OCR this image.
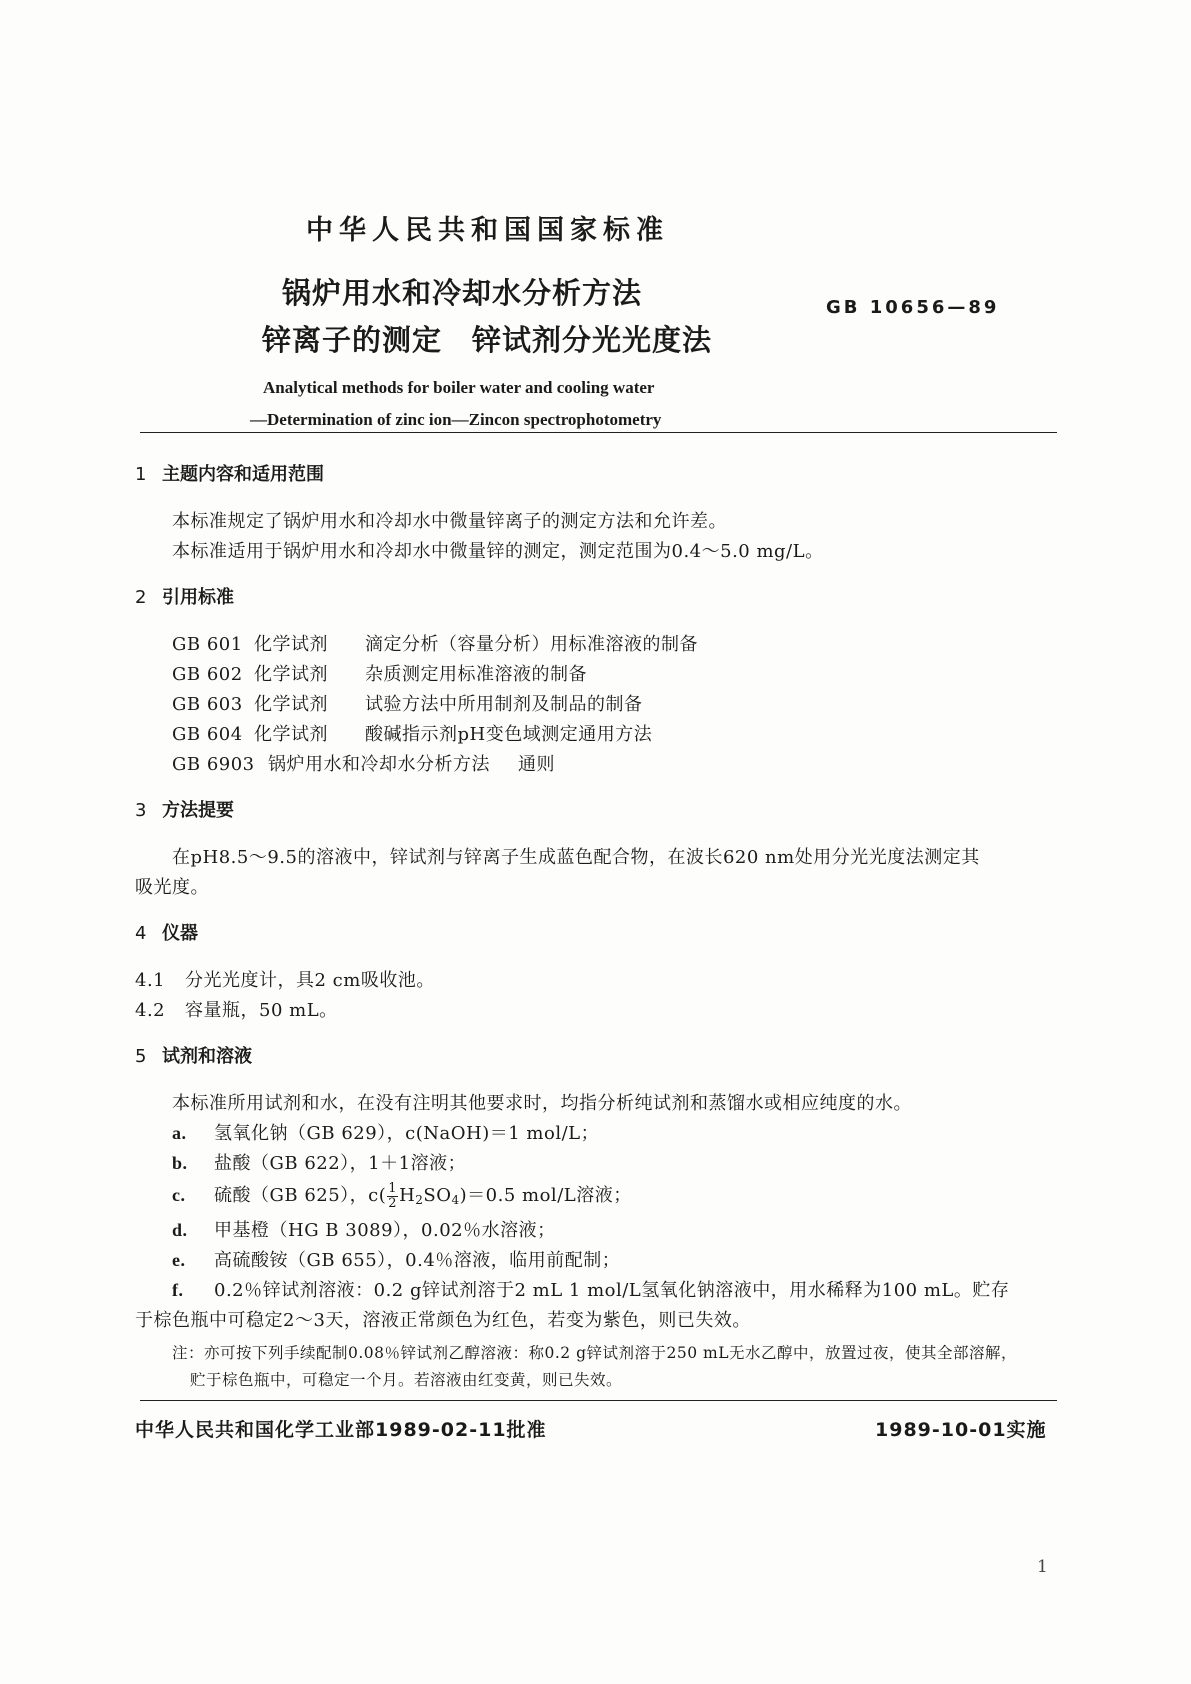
中华人民共和国国家标准
锅炉用水和冷却水分析方法
锌离子的测定 锌试剂分光光度法
GB 10656—89
Analytical methods for boiler water and cooling water
—Determination of zinc ion—Zincon spectrophotometry
1 主题内容和适用范围
本标准规定了锅炉用水和冷却水中微量锌离子的测定方法和允许差。
本标准适用于锅炉用水和冷却水中微量锌的测定，测定范围为0.4～5.0 mg/L。
2 引用标准
GB 601 化学试剂 滴定分析（容量分析）用标准溶液的制备
GB 602 化学试剂 杂质测定用标准溶液的制备
GB 603 化学试剂 试验方法中所用制剂及制品的制备
GB 604 化学试剂 酸碱指示剂pH变色域测定通用方法
GB 6903 锅炉用水和冷却水分析方法 通则
3 方法提要
在pH8.5～9.5的溶液中，锌试剂与锌离子生成蓝色配合物，在波长620 nm处用分光光度法测定其
吸光度。
4 仪器
4.1 分光光度计，具2 cm吸收池。
4.2 容量瓶，50 mL。
5 试剂和溶液
本标准所用试剂和水，在没有注明其他要求时，均指分析纯试剂和蒸馏水或相应纯度的水。
a. 氢氧化钠（GB 629），c(NaOH)＝1 mol/L；
b. 盐酸（GB 622），1＋1溶液；
c. 硫酸（GB 625），$c( \frac{1}{2} H_2SO_4)=0.5$ mol/L溶液；
d. 甲基橙（HG B 3089），0.02％水溶液；
e. 高硫酸铵（GB 655），0.4％溶液，临用前配制；
f. 0.2％锌试剂溶液：0.2 g锌试剂溶于2 mL 1 mol/L氢氧化钠溶液中，用水稀释为100 mL。贮存
于棕色瓶中可稳定2～3天，溶液正常颜色为红色，若变为紫色，则已失效。
注：亦可按下列手续配制0.08％锌试剂乙醇溶液：称0.2 g锌试剂溶于250 mL无水乙醇中，放置过夜，使其全部溶解，
贮于棕色瓶中，可稳定一个月。若溶液由红变黄，则已失效。
中华人民共和国化学工业部1989-02-11批准	1989-10-01实施
1
